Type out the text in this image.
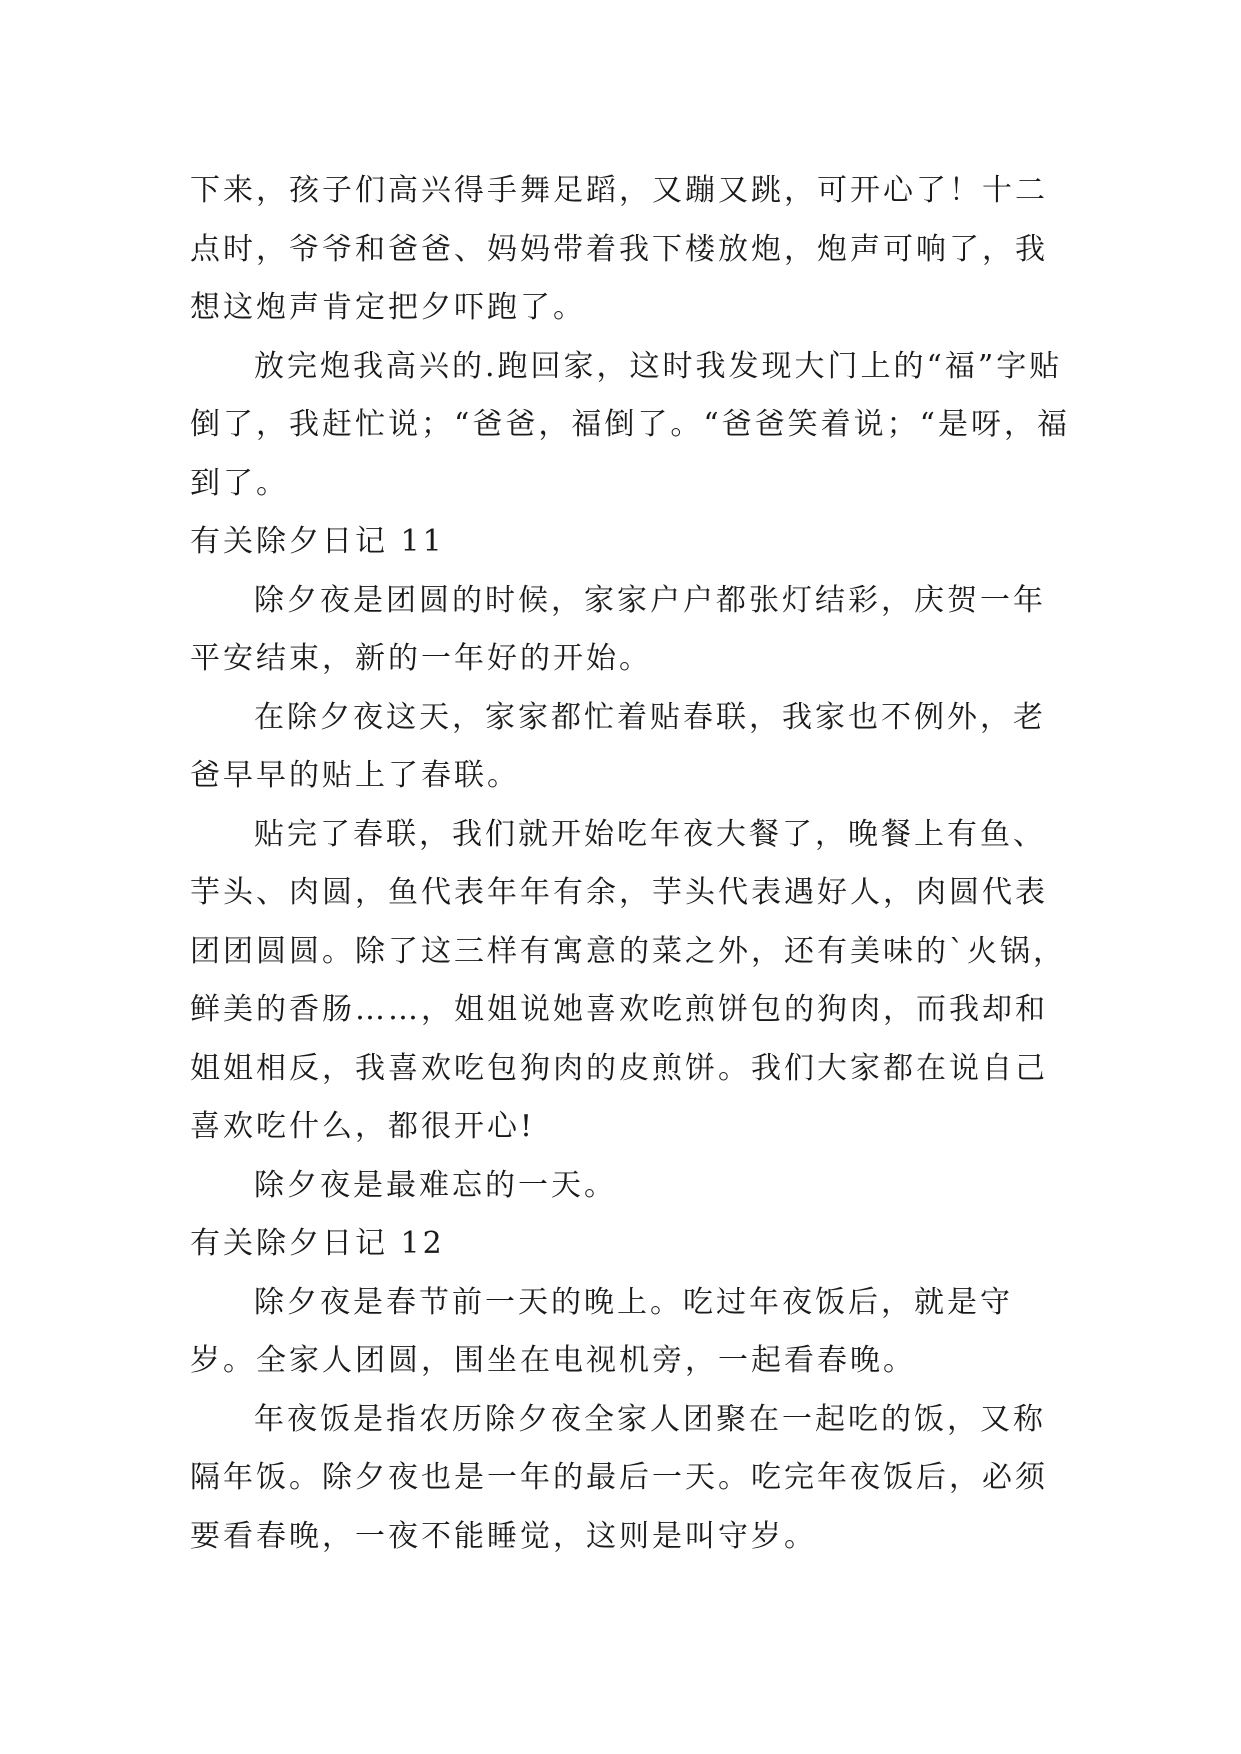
下来，孩子们高兴得手舞足蹈，又蹦又跳，可开心了！十二点时，爷爷和爸爸、妈妈带着我下楼放炮，炮声可响了，我想这炮声肯定把夕吓跑了。

放完炮我高兴的.跑回家，这时我发现大门上的“福”字贴倒了，我赶忙说；“爸爸，福倒了。“爸爸笑着说；“是呀，福到了。

有关除夕日记 11

除夕夜是团圆的时候，家家户户都张灯结彩，庆贺一年平安结束，新的一年好的开始。

在除夕夜这天，家家都忙着贴春联，我家也不例外，老爸早早的贴上了春联。

贴完了春联，我们就开始吃年夜大餐了，晚餐上有鱼、芋头、肉圆，鱼代表年年有余，芋头代表遇好人，肉圆代表团团圆圆。除了这三样有寓意的菜之外，还有美味的`火锅，鲜美的香肠……，姐姐说她喜欢吃煎饼包的狗肉，而我却和姐姐相反，我喜欢吃包狗肉的皮煎饼。我们大家都在说自己喜欢吃什么，都很开心!

除夕夜是最难忘的一天。

有关除夕日记 12

除夕夜是春节前一天的晚上。吃过年夜饭后，就是守岁。全家人团圆，围坐在电视机旁，一起看春晚。

年夜饭是指农历除夕夜全家人团聚在一起吃的饭，又称隔年饭。除夕夜也是一年的最后一天。吃完年夜饭后，必须要看春晚，一夜不能睡觉，这则是叫守岁。
